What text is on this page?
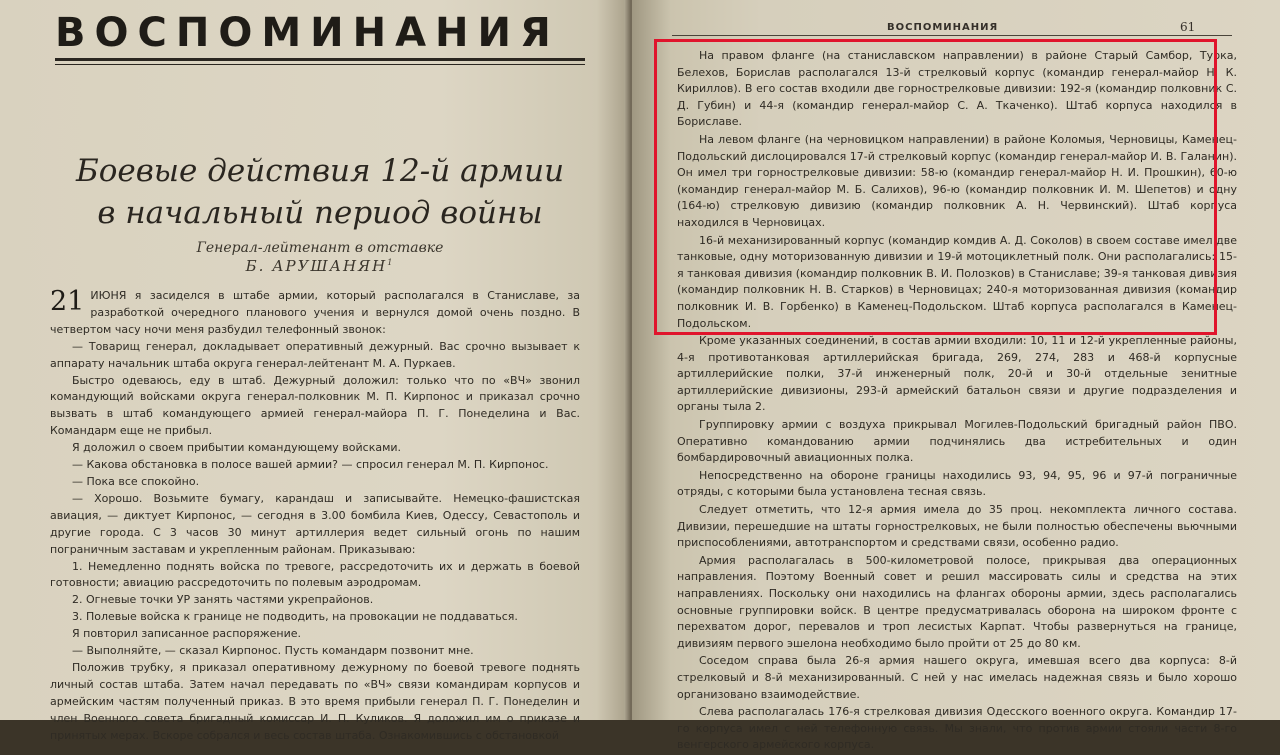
ВОСПОМИНАНИЯ
Боевые действия 12-й армии
в начальный период войны
Генерал-лейтенант в отставке
Б. АРУШАНЯН$^1$

21 ИЮНЯ я засиделся в штабе армии, который располагался в Станиславе, за разработкой очередного планового учения и вернулся домой очень поздно. В четвертом часу ночи меня разбудил телефонный звонок:

— Товарищ генерал, докладывает оперативный дежурный. Вас срочно вызывает к аппарату начальник штаба округа генерал-лейтенант М. А. Пуркаев.

Быстро одеваюсь, еду в штаб. Дежурный доложил: только что по «ВЧ» звонил командующий войсками округа генерал-полковник М. П. Кирпонос и приказал срочно вызвать в штаб командующего армией генерал-майора П. Г. Понеделина и Вас. Командарм еще не прибыл.

Я доложил о своем прибытии командующему войсками.

— Какова обстановка в полосе вашей армии? — спросил генерал М. П. Кирпонос.

— Пока все спокойно.

— Хорошо. Возьмите бумагу, карандаш и записывайте. Немецко-фашистская авиация, — диктует Кирпонос, — сегодня в 3.00 бомбила Киев, Одессу, Севастополь и другие города. С 3 часов 30 минут артиллерия ведет сильный огонь по нашим пограничным заставам и укрепленным районам. Приказываю:

1. Немедленно поднять войска по тревоге, рассредоточить их и держать в боевой готовности; авиацию рассредоточить по полевым аэродромам.

2. Огневые точки УР занять частями укрепрайонов.

3. Полевые войска к границе не подводить, на провокации не поддаваться.

Я повторил записанное распоряжение.

— Выполняйте, — сказал Кирпонос. Пусть командарм позвонит мне.

Положив трубку, я приказал оперативному дежурному по боевой тревоге поднять личный состав штаба. Затем начал передавать по «ВЧ» связи командирам корпусов и армейским частям полученный приказ. В это время прибыли генерал П. Г. Понеделин и член Военного совета бригадный комиссар И. П. Куликов. Я доложил им о приказе и принятых мерах. Вскоре собрался и весь состав штаба. Ознакомившись с обстановкой

ВОСПОМИНАНИЯ	61

На правом фланге (на станиславском направлении) в районе Старый Самбор, Турка, Белехов, Борислав располагался 13-й стрелковый корпус (командир генерал-майор Н. К. Кириллов). В его состав входили две горнострелковые дивизии: 192-я (командир полковник С. Д. Губин) и 44-я (командир генерал-майор С. А. Ткаченко). Штаб корпуса находился в Бориславе.

На левом фланге (на черновицком направлении) в районе Коломыя, Черновицы, Каменец-Подольский дислоцировался 17-й стрелковый корпус (командир генерал-майор И. В. Галанин). Он имел три горнострелковые дивизии: 58-ю (командир генерал-майор Н. И. Прошкин), 60-ю (командир генерал-майор М. Б. Салихов), 96-ю (командир полковник И. М. Шепетов) и одну (164-ю) стрелковую дивизию (командир полковник А. Н. Червинский). Штаб корпуса находился в Черновицах.

16-й механизированный корпус (командир комдив А. Д. Соколов) в своем составе имел две танковые, одну моторизованную дивизии и 19-й мотоциклетный полк. Они располагались: 15-я танковая дивизия (командир полковник В. И. Полозков) в Станиславе; 39-я танковая дивизия (командир полковник Н. В. Старков) в Черновицах; 240-я моторизованная дивизия (командир полковник И. В. Горбенко) в Каменец-Подольском. Штаб корпуса располагался в Каменец-Подольском.

Кроме указанных соединений, в состав армии входили: 10, 11 и 12-й укрепленные районы, 4-я противотанковая артиллерийская бригада, 269, 274, 283 и 468-й корпусные артиллерийские полки, 37-й инженерный полк, 20-й и 30-й отдельные зенитные артиллерийские дивизионы, 293-й армейский батальон связи и другие подразделения и органы тыла 2.

Группировку армии с воздуха прикрывал Могилев-Подольский бригадный район ПВО. Оперативно командованию армии подчинялись два истребительных и один бомбардировочный авиационных полка.

Непосредственно на обороне границы находились 93, 94, 95, 96 и 97-й пограничные отряды, с которыми была установлена тесная связь.

Следует отметить, что 12-я армия имела до 35 проц. некомплекта личного состава. Дивизии, перешедшие на штаты горнострелковых, не были полностью обеспечены вьючными приспособлениями, автотранспортом и средствами связи, особенно радио.

Армия располагалась в 500-километровой полосе, прикрывая два операционных направления. Поэтому Военный совет и решил массировать силы и средства на этих направлениях. Поскольку они находились на флангах обороны армии, здесь располагались основные группировки войск. В центре предусматривалась оборона на широком фронте с перехватом дорог, перевалов и троп лесистых Карпат. Чтобы развернуться на границе, дивизиям первого эшелона необходимо было пройти от 25 до 80 км.

Соседом справа была 26-я армия нашего округа, имевшая всего два корпуса: 8-й стрелковый и 8-й механизированный. С ней у нас имелась надежная связь и было хорошо организовано взаимодействие.

Слева располагалась 176-я стрелковая дивизия Одесского военного округа. Командир 17-го корпуса имел с ней телефонную связь. Мы знали, что против армии стояли части 8-го венгерского армейского корпуса.
